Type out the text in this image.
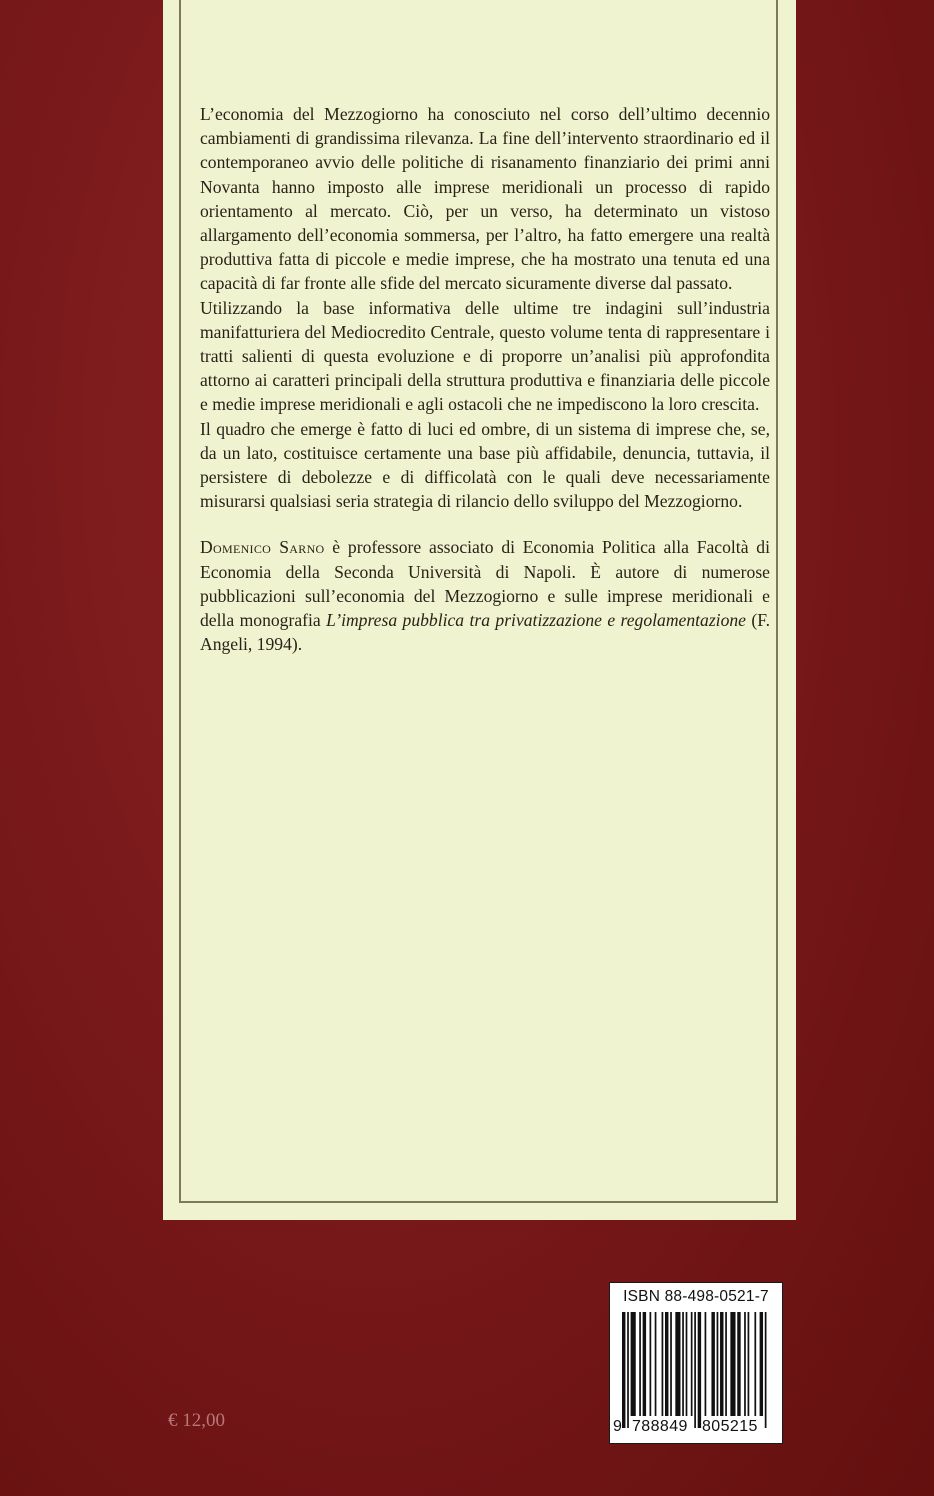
L’economia del Mezzogiorno ha conosciuto nel corso dell’ultimo decennio cambiamenti di grandissima rilevanza. La fine dell’intervento straordinario ed il contemporaneo avvio delle politiche di risanamento finanziario dei primi anni Novanta hanno imposto alle imprese meridionali un processo di rapido orientamento al mercato. Ciò, per un verso, ha determinato un vistoso allargamento dell’economia sommersa, per l’altro, ha fatto emergere una realtà produttiva fatta di piccole e medie imprese, che ha mostrato una tenuta ed una capacità di far fronte alle sfide del mercato sicuramente diverse dal passato.

Utilizzando la base informativa delle ultime tre indagini sull’industria manifatturiera del Mediocredito Centrale, questo volume tenta di rappresentare i tratti salienti di questa evoluzione e di proporre un’analisi più approfondita attorno ai caratteri principali della struttura produttiva e finanziaria delle piccole e medie imprese meridionali e agli ostacoli che ne impediscono la loro crescita.

Il quadro che emerge è fatto di luci ed ombre, di un sistema di imprese che, se, da un lato, costituisce certamente una base più affidabile, denuncia, tuttavia, il persistere di debolezze e di difficolatà con le quali deve necessariamente misurarsi qualsiasi seria strategia di rilancio dello sviluppo del Mezzogiorno.

Domenico Sarno è professore associato di Economia Politica alla Facoltà di Economia della Seconda Università di Napoli. È autore di numerose pubblicazioni sull’economia del Mezzogiorno e sulle imprese meridionali e della monografia L’impresa pubblica tra privatizzazione e regolamentazione (F. Angeli, 1994).

€ 12,00
ISBN 88-498-0521-7
9 788849 805215
